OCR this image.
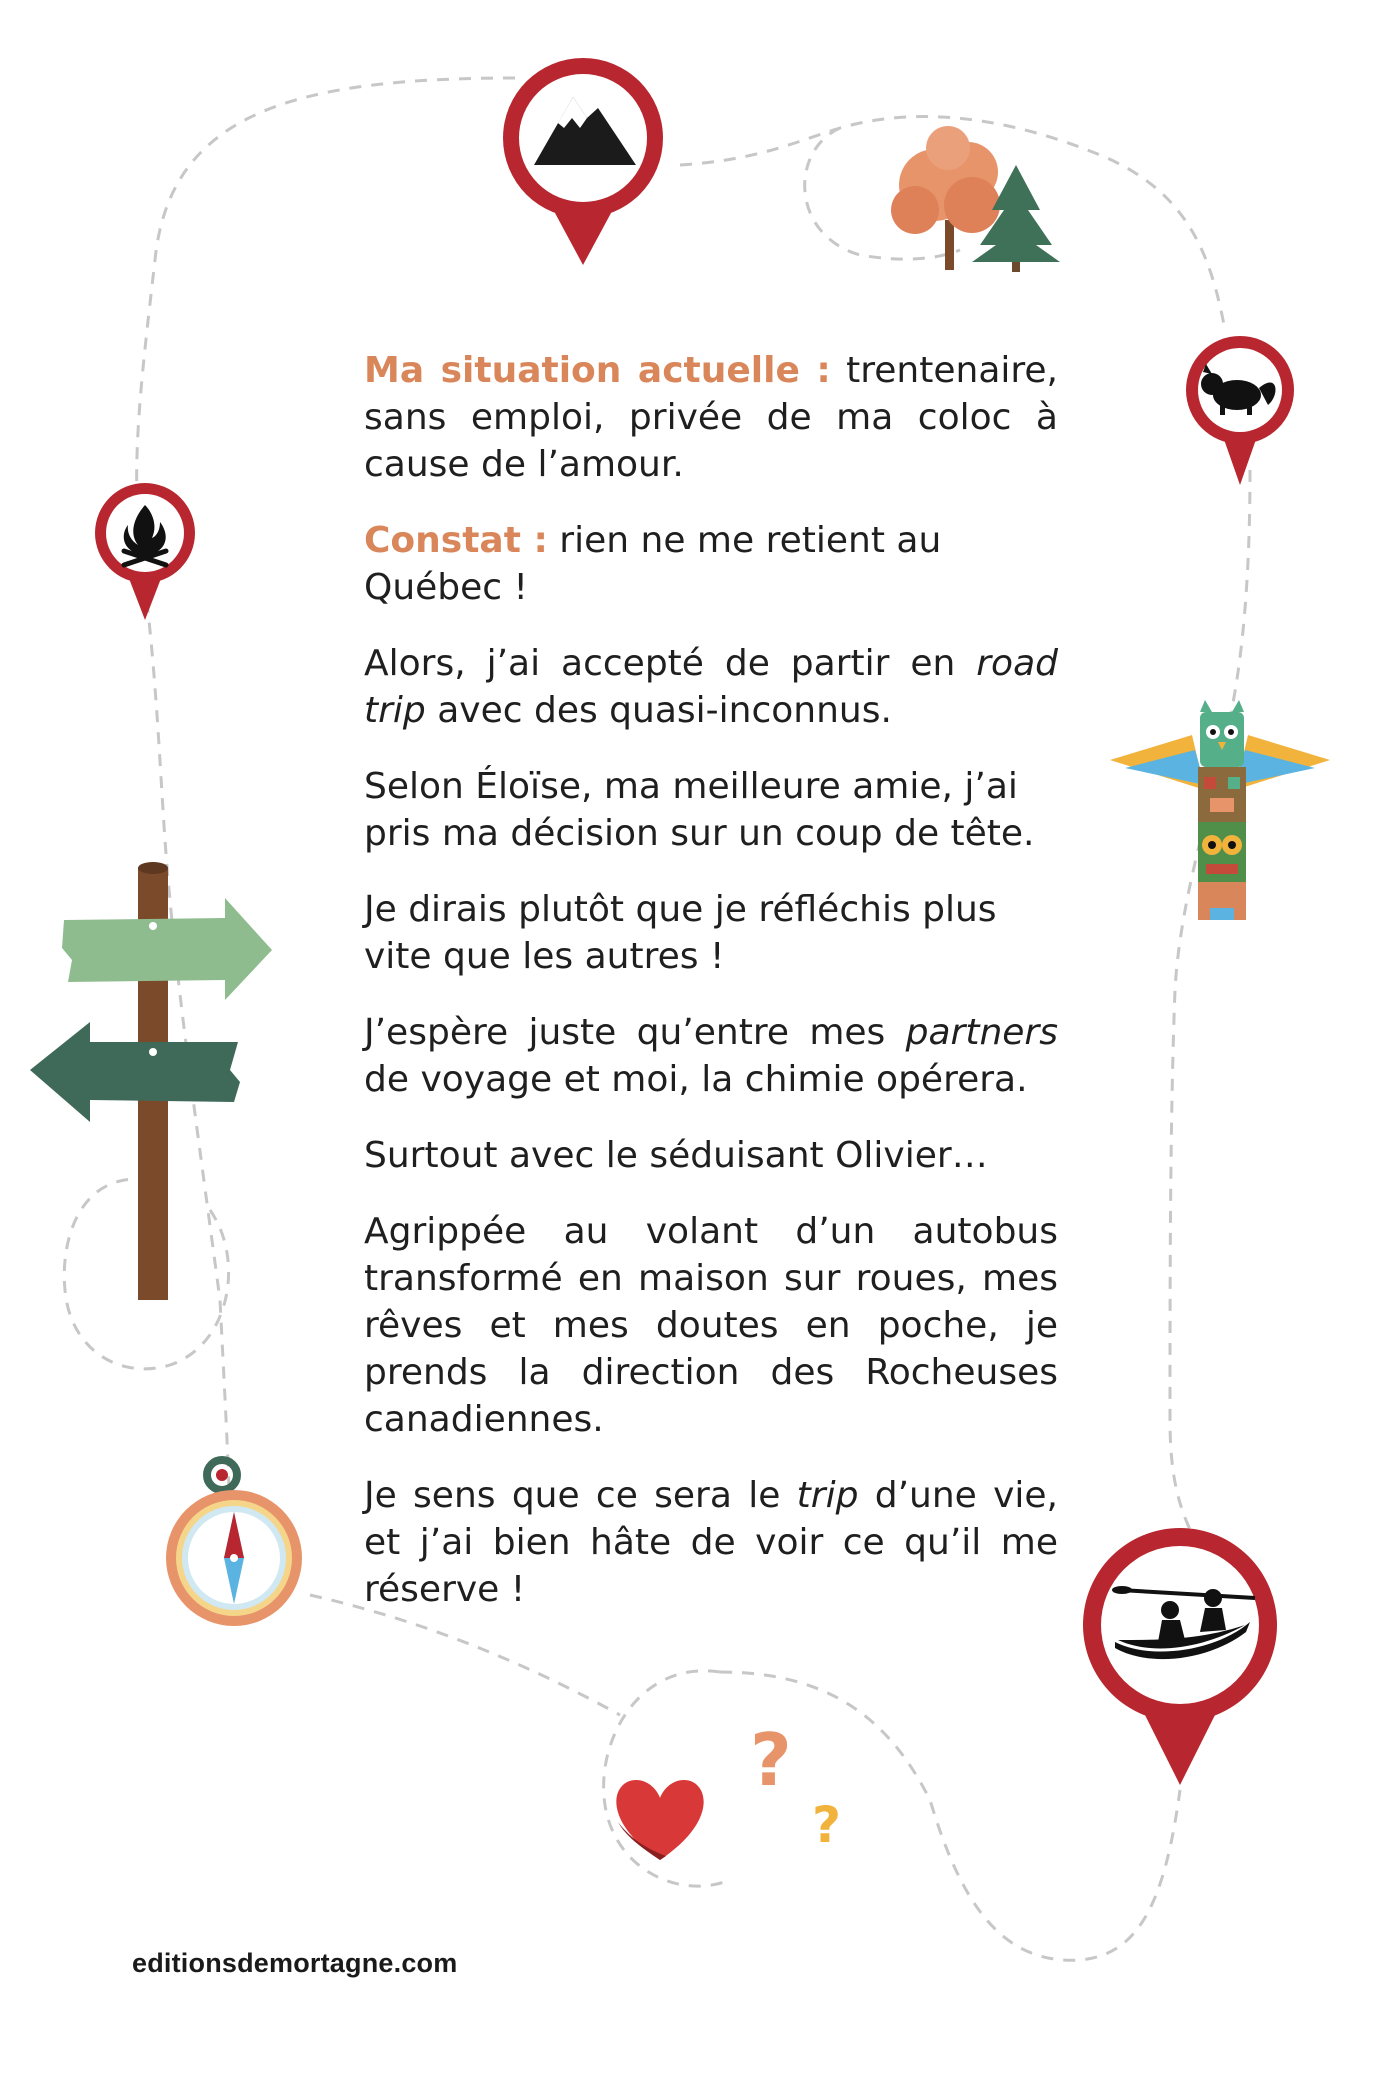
?
?

Ma situation actuelle : trentenaire, sans emploi, privée de ma coloc à cause de l’amour.

Constat : rien ne me retient au Québec !

Alors, j’ai accepté de partir en road trip avec des quasi-inconnus.

Selon Éloïse, ma meilleure amie, j’ai pris ma décision sur un coup de tête.

Je dirais plutôt que je réfléchis plus vite que les autres !

J’espère juste qu’entre mes partners de voyage et moi, la chimie opérera.

Surtout avec le séduisant Olivier…

Agrippée au volant d’un autobus transformé en maison sur roues, mes rêves et mes doutes en poche, je prends la direction des Rocheuses canadiennes.

Je sens que ce sera le trip d’une vie, et j’ai bien hâte de voir ce qu’il me réserve !

editionsdemortagne.com
